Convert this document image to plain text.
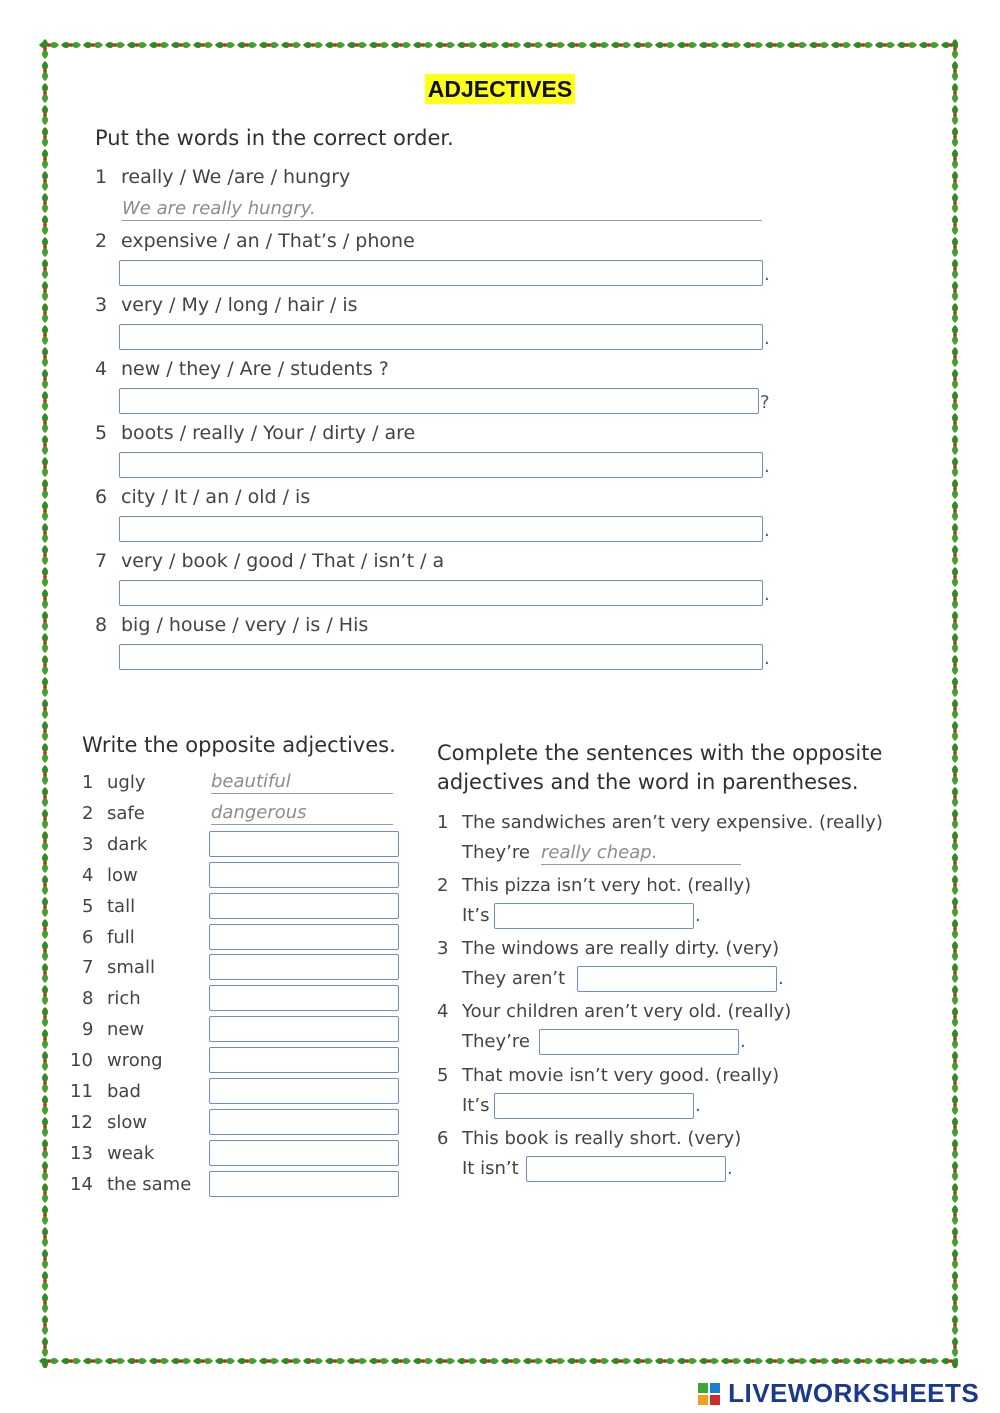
ADJECTIVES
Put the words in the correct order.
1 really / We /are / hungry
We are really hungry.
2 expensive / an / That’s / phone
.
3 very / My / long / hair / is
.
4 new / they / Are / students ?
?
5 boots / really / Your / dirty / are
.
6 city / It / an / old / is
.
7 very / book / good / That / isn’t / a
.
8 big / house / very / is / His
.
Write the opposite adjectives.
1 ugly	beautiful
2 safe	dangerous
3 dark
4 low
5 tall
6 full
7 small
8 rich
9 new
10 wrong
11 bad
12 slow
13 weak
14 the same
Complete the sentences with the opposite
adjectives and the word in parentheses.
1 The sandwiches aren’t very expensive. (really)
They’re really cheap.
2 This pizza isn’t very hot. (really)
It’s	.
3 The windows are really dirty. (very)
They aren’t	.
4 Your children aren’t very old. (really)
They’re	.
5 That movie isn’t very good. (really)
It’s	.
6 This book is really short. (very)
It isn’t	.
LIVEWORKSHEETS
